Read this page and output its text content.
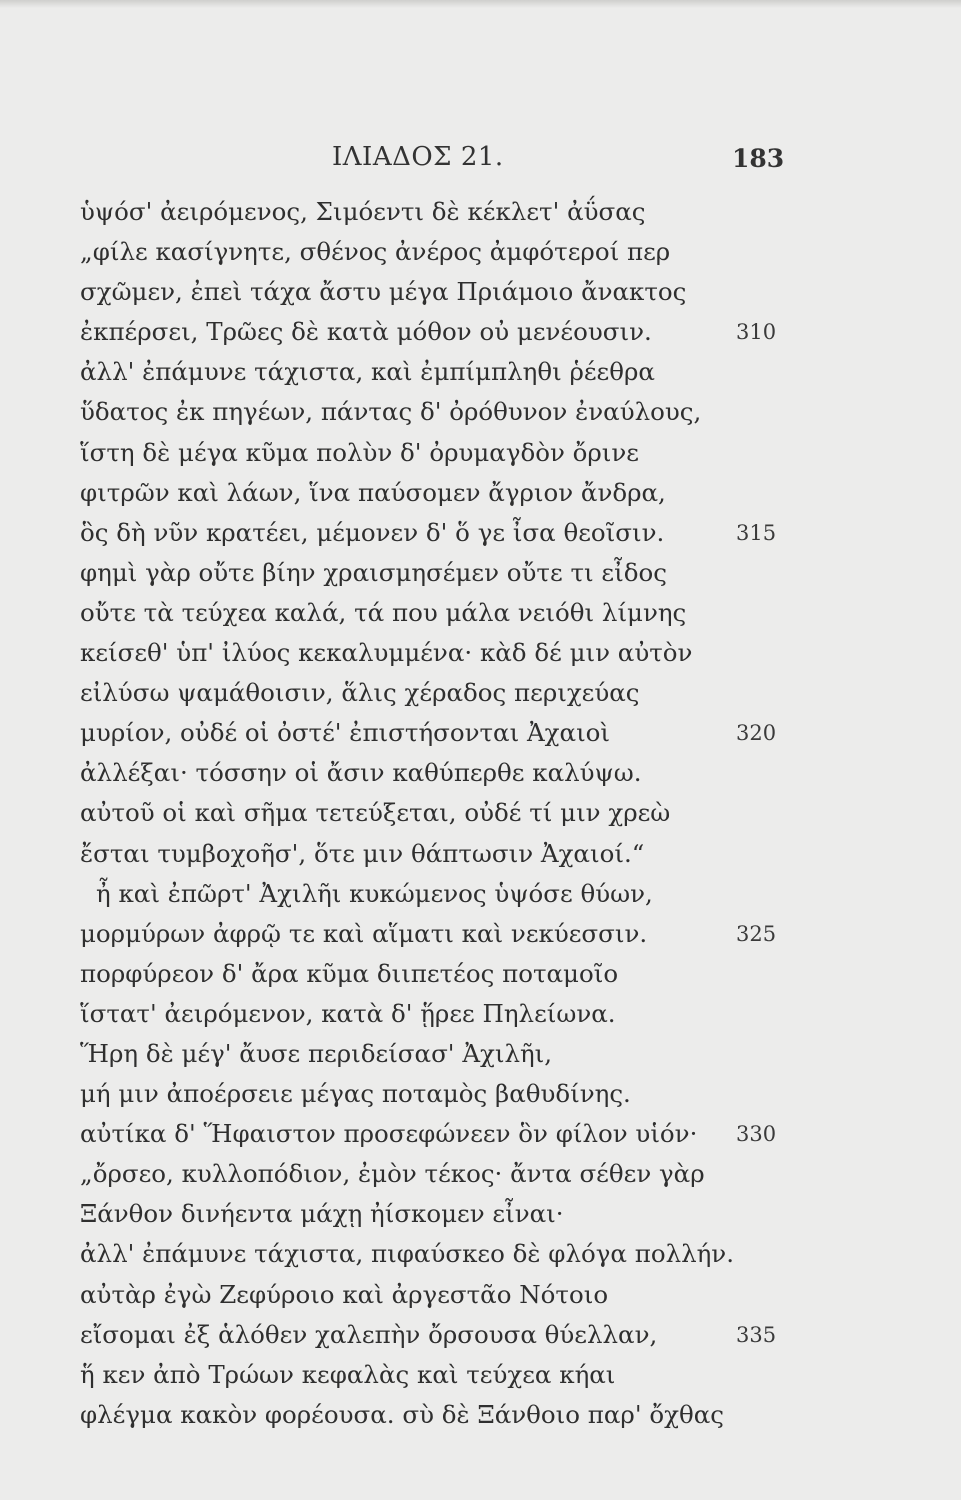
ΙΛΙΑΔΟΣ 21.	183
ὑψόσ' ἀειρόμενος, Σιμόεντι δὲ κέκλετ' ἀΰσας
„φίλε κασίγνητε, σθένος ἀνέρος ἀμφότεροί περ
σχῶμεν, ἐπεὶ τάχα ἄστυ μέγα Πριάμοιο ἄνακτος
ἐκπέρσει, Τρῶες δὲ κατὰ μόθον οὐ μενέουσιν.	310
ἀλλ' ἐπάμυνε τάχιστα, καὶ ἐμπίμπληθι ῥέεθρα
ὕδατος ἐκ πηγέων, πάντας δ' ὀρόθυνον ἐναύλους,
ἵστη δὲ μέγα κῦμα πολὺν δ' ὀρυμαγδὸν ὄρινε
φιτρῶν καὶ λάων, ἵνα παύσομεν ἄγριον ἄνδρα,
ὃς δὴ νῦν κρατέει, μέμονεν δ' ὅ γε ἶσα θεοῖσιν.	315
φημὶ γὰρ οὔτε βίην χραισμησέμεν οὔτε τι εἶδος
οὔτε τὰ τεύχεα καλά, τά που μάλα νειόθι λίμνης
κείσεθ' ὑπ' ἰλύος κεκαλυμμένα· κὰδ δέ μιν αὐτὸν
εἰλύσω ψαμάθοισιν, ἅλις χέραδος περιχεύας
μυρίον, οὐδέ οἱ ὀστέ' ἐπιστήσονται Ἀχαιοὶ	320
ἀλλέξαι· τόσσην οἱ ἄσιν καθύπερθε καλύψω.
αὐτοῦ οἱ καὶ σῆμα τετεύξεται, οὐδέ τί μιν χρεὼ
ἔσται τυμβοχοῆσ', ὅτε μιν θάπτωσιν Ἀχαιοί.“
ἦ καὶ ἐπῶρτ' Ἀχιλῆι κυκώμενος ὑψόσε θύων,
μορμύρων ἀφρῷ τε καὶ αἵματι καὶ νεκύεσσιν.	325
πορφύρεον δ' ἄρα κῦμα διιπετέος ποταμοῖο
ἵστατ' ἀειρόμενον, κατὰ δ' ᾕρεε Πηλείωνα.
Ἥρη δὲ μέγ' ἄυσε περιδείσασ' Ἀχιλῆι,
μή μιν ἀποέρσειε μέγας ποταμὸς βαθυδίνης.
αὐτίκα δ' Ἥφαιστον προσεφώνεεν ὃν φίλον υἱόν· 330
„ὄρσεο, κυλλοπόδιον, ἐμὸν τέκος· ἄντα σέθεν γὰρ
Ξάνθον δινήεντα μάχῃ ἠίσκομεν εἶναι·
ἀλλ' ἐπάμυνε τάχιστα, πιφαύσκεο δὲ φλόγα πολλήν.
αὐτὰρ ἐγὼ Ζεφύροιο καὶ ἀργεστᾶο Νότοιο
εἴσομαι ἐξ ἁλόθεν χαλεπὴν ὄρσουσα θύελλαν,	335
ἥ κεν ἀπὸ Τρώων κεφαλὰς καὶ τεύχεα κήαι
φλέγμα κακὸν φορέουσα. σὺ δὲ Ξάνθοιο παρ' ὄχθας
